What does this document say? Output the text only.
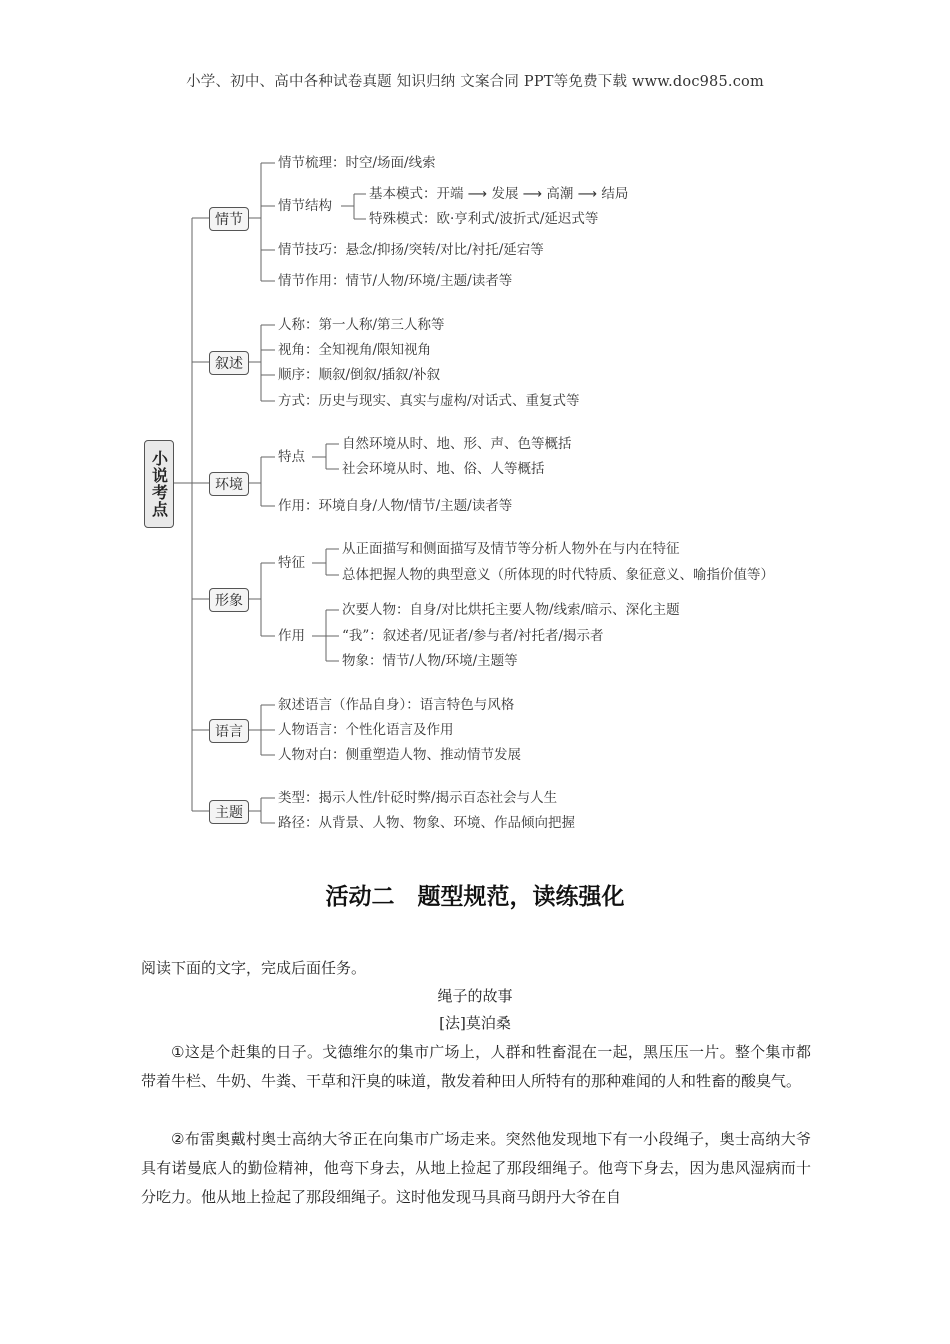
小学、初中、高中各种试卷真题 知识归纳 文案合同 PPT等免费下载 www.doc985.com
小说考点
情节
叙述
环境
形象
语言
主题
情节梳理：时空/场面/线索
情节结构
基本模式：开端 ⟶ 发展 ⟶ 高潮 ⟶ 结局
特殊模式：欧·亨利式/波折式/延迟式等
情节技巧：悬念/抑扬/突转/对比/衬托/延宕等
情节作用：情节/人物/环境/主题/读者等
人称：第一人称/第三人称等
视角：全知视角/限知视角
顺序：顺叙/倒叙/插叙/补叙
方式：历史与现实、真实与虚构/对话式、重复式等
特点
自然环境从时、地、形、声、色等概括
社会环境从时、地、俗、人等概括
作用：环境自身/人物/情节/主题/读者等
特征
从正面描写和侧面描写及情节等分析人物外在与内在特征
总体把握人物的典型意义（所体现的时代特质、象征意义、喻指价值等）
作用
次要人物：自身/对比烘托主要人物/线索/暗示、深化主题
“我”：叙述者/见证者/参与者/衬托者/揭示者
物象：情节/人物/环境/主题等
叙述语言（作品自身）：语言特色与风格
人物语言：个性化语言及作用
人物对白：侧重塑造人物、推动情节发展
类型：揭示人性/针砭时弊/揭示百态社会与人生
路径：从背景、人物、物象、环境、作品倾向把握
活动二　题型规范，读练强化
阅读下面的文字，完成后面任务。
绳子的故事
[法]莫泊桑
①这是个赶集的日子。戈德维尔的集市广场上，人群和牲畜混在一起，黑压压一片。整个集市都带着牛栏、牛奶、牛粪、干草和汗臭的味道，散发着种田人所特有的那种难闻的人和牲畜的酸臭气。
②布雷奥戴村奥士高纳大爷正在向集市广场走来。突然他发现地下有一小段绳子，奥士高纳大爷具有诺曼底人的勤俭精神，他弯下身去，从地上捡起了那段细绳子。他弯下身去，因为患风湿病而十分吃力。他从地上捡起了那段细绳子。这时他发现马具商马朗丹大爷在自
